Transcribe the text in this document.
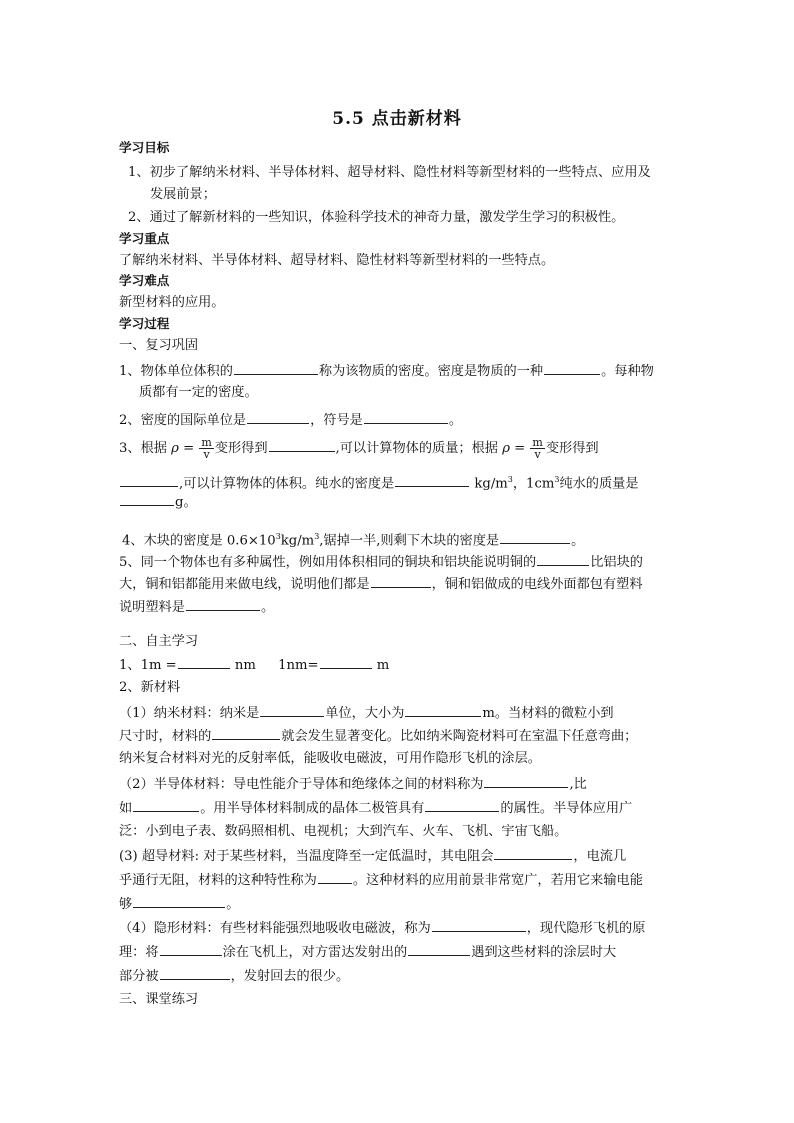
5.5 点击新材料
学习目标
1、初步了解纳米材料、半导体材料、超导材料、隐性材料等新型材料的一些特点、应用及
发展前景；
2、通过了解新材料的一些知识，体验科学技术的神奇力量，激发学生学习的积极性。
学习重点
了解纳米材料、半导体材料、超导材料、隐性材料等新型材料的一些特点。
学习难点
新型材料的应用。
学习过程
一、复习巩固
1、物体单位体积的	称为该物质的密度。密度是物质的一种	。每种物
质都有一定的密度。
2、密度的国际单位是	，符号是	。
3、根据 $\rho = \frac{m}{v}$ 变形得到	,可以计算物体的质量；根据 $\rho = \frac{m}{v}$ 变形得到
,可以计算物体的体积。纯水的密度是	$kg/m^3$，$1cm^3$纯水的质量是
g。
4、木块的密度是 $0.6\times 10^3kg/m^3$,锯掉一半,则剩下木块的密度是	。
5、同一个物体也有多种属性，例如用体积相同的铜块和铝块能说明铜的	比铝块的
大，铜和铝都能用来做电线，说明他们都是	，铜和铝做成的电线外面都包有塑料
说明塑料是	。
二、自主学习
1、1m =	nm 1nm=	m
2、新材料
（1）纳米材料：纳米是	单位，大小为	m。当材料的微粒小到
尺寸时，材料的	就会发生显著变化。比如纳米陶瓷材料可在室温下任意弯曲；
纳米复合材料对光的反射率低，能吸收电磁波，可用作隐形飞机的涂层。
（2）半导体材料：导电性能介于导体和绝缘体之间的材料称为	,比
如	。用半导体材料制成的晶体二极管具有	的属性。半导体应用广
泛：小到电子表、数码照相机、电视机；大到汽车、火车、飞机、宇宙飞船。
(3) 超导材料: 对于某些材料，当温度降至一定低温时，其电阻会	，电流几
乎通行无阻，材料的这种特性称为	。这种材料的应用前景非常宽广，若用它来输电能
够	。
（4）隐形材料：有些材料能强烈地吸收电磁波，称为	，现代隐形飞机的原
理：将	涂在飞机上，对方雷达发射出的	遇到这些材料的涂层时大
部分被	，发射回去的很少。
三、课堂练习
